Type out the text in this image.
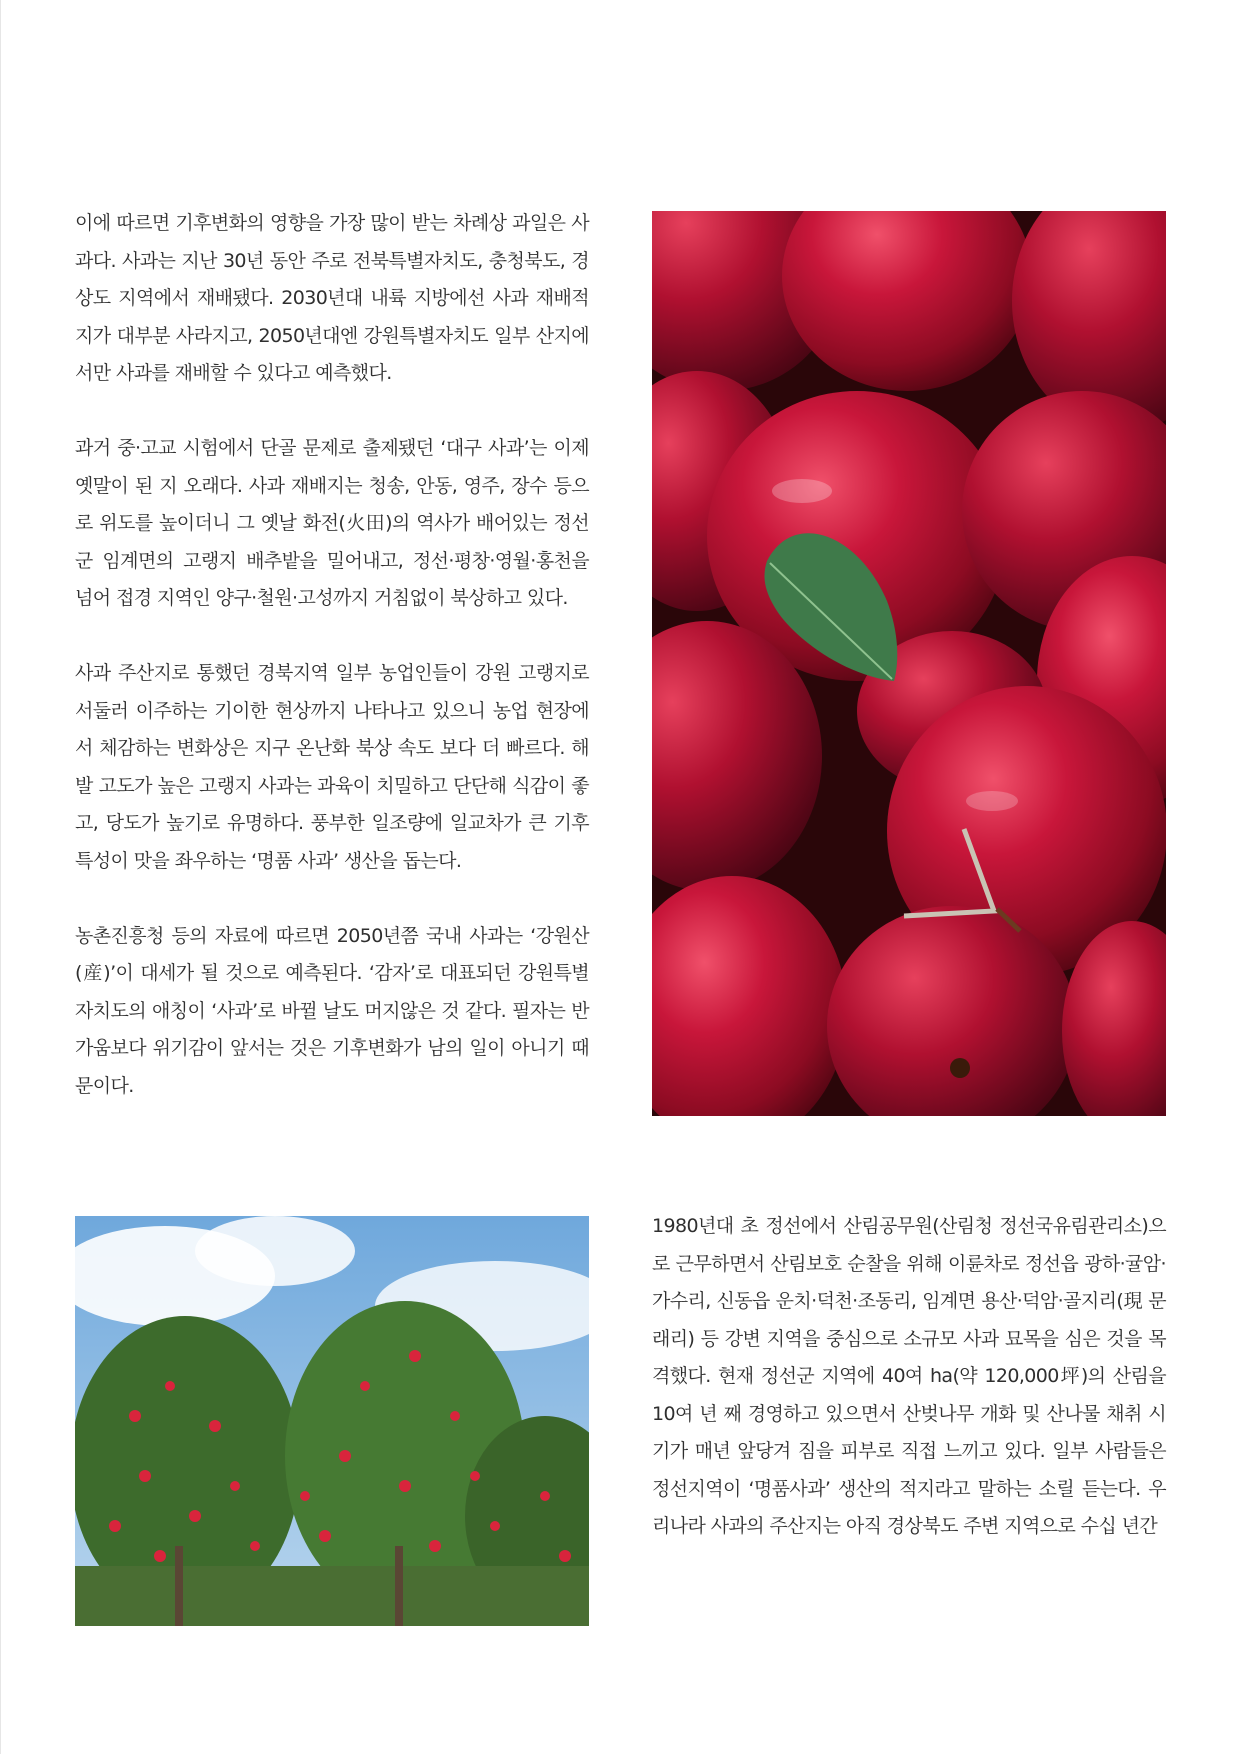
이에 따르면 기후변화의 영향을 가장 많이 받는 차례상 과일은 사과다. 사과는 지난 30년 동안 주로 전북특별자치도, 충청북도, 경상도 지역에서 재배됐다. 2030년대 내륙 지방에선 사과 재배적지가 대부분 사라지고, 2050년대엔 강원특별자치도 일부 산지에서만 사과를 재배할 수 있다고 예측했다.

과거 중·고교 시험에서 단골 문제로 출제됐던 ‘대구 사과’는 이제 옛말이 된 지 오래다. 사과 재배지는 청송, 안동, 영주, 장수 등으로 위도를 높이더니 그 옛날 화전(火田)의 역사가 배어있는 정선군 임계면의 고랭지 배추밭을 밀어내고, 정선·평창·영월·홍천을 넘어 접경 지역인 양구·철원·고성까지 거침없이 북상하고 있다.

사과 주산지로 통했던 경북지역 일부 농업인들이 강원 고랭지로 서둘러 이주하는 기이한 현상까지 나타나고 있으니 농업 현장에서 체감하는 변화상은 지구 온난화 북상 속도 보다 더 빠르다. 해발 고도가 높은 고랭지 사과는 과육이 치밀하고 단단해 식감이 좋고, 당도가 높기로 유명하다. 풍부한 일조량에 일교차가 큰 기후 특성이 맛을 좌우하는 ‘명품 사과’ 생산을 돕는다.

농촌진흥청 등의 자료에 따르면 2050년쯤 국내 사과는 ‘강원산(産)’이 대세가 될 것으로 예측된다. ‘감자’로 대표되던 강원특별자치도의 애칭이 ‘사과’로 바뀔 날도 머지않은 것 같다. 필자는 반가움보다 위기감이 앞서는 것은 기후변화가 남의 일이 아니기 때문이다.

1980년대 초 정선에서 산림공무원(산림청 정선국유림관리소)으로 근무하면서 산림보호 순찰을 위해 이륜차로 정선읍 광하·귤암·가수리, 신동읍 운치·덕천·조동리, 임계면 용산·덕암·골지리(現 문래리) 등 강변 지역을 중심으로 소규모 사과 묘목을 심은 것을 목격했다. 현재 정선군 지역에 40여 ha(약 120,000坪)의 산림을 10여 년 째 경영하고 있으면서 산벚나무 개화 및 산나물 채취 시기가 매년 앞당겨 짐을 피부로 직접 느끼고 있다. 일부 사람들은 정선지역이 ‘명품사과’ 생산의 적지라고 말하는 소릴 듣는다. 우리나라 사과의 주산지는 아직 경상북도 주변 지역으로 수십 년간
